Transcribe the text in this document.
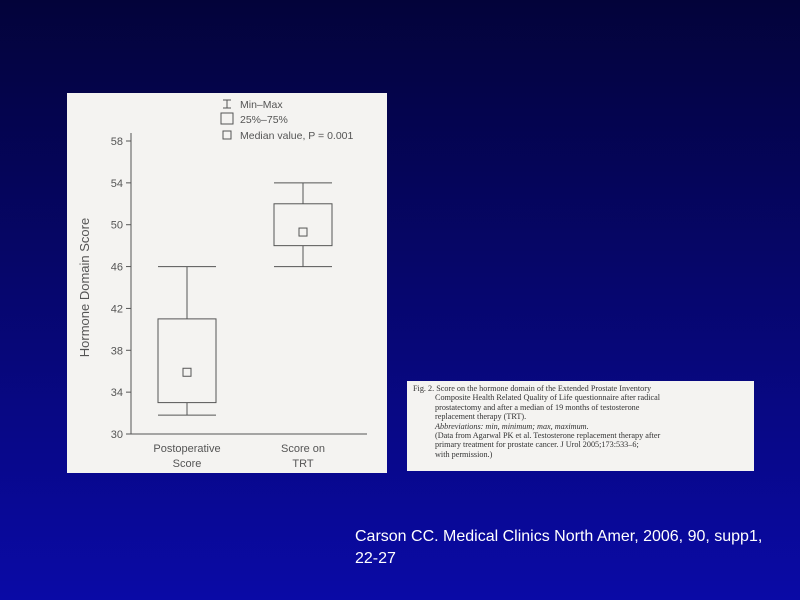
30
34
38
42
46
50
54
58
Hormone Domain Score
Postoperative
Score
Score on
TRT
Min–Max
25%–75%
Median value, P = 0.001
Fig. 2. Score on the hormone domain of the Extended Prostate Inventory
Composite Health Related Quality of Life questionnaire after radical
prostatectomy and after a median of 19 months of testosterone
replacement therapy (TRT).
Abbreviations: min, minimum; max, maximum.
(Data from Agarwal PK et al. Testosterone replacement therapy after
primary treatment for prostate cancer. J Urol 2005;173:533–6;
with permission.)
Carson CC. Medical Clinics North Amer, 2006, 90, supp1, 22-27
